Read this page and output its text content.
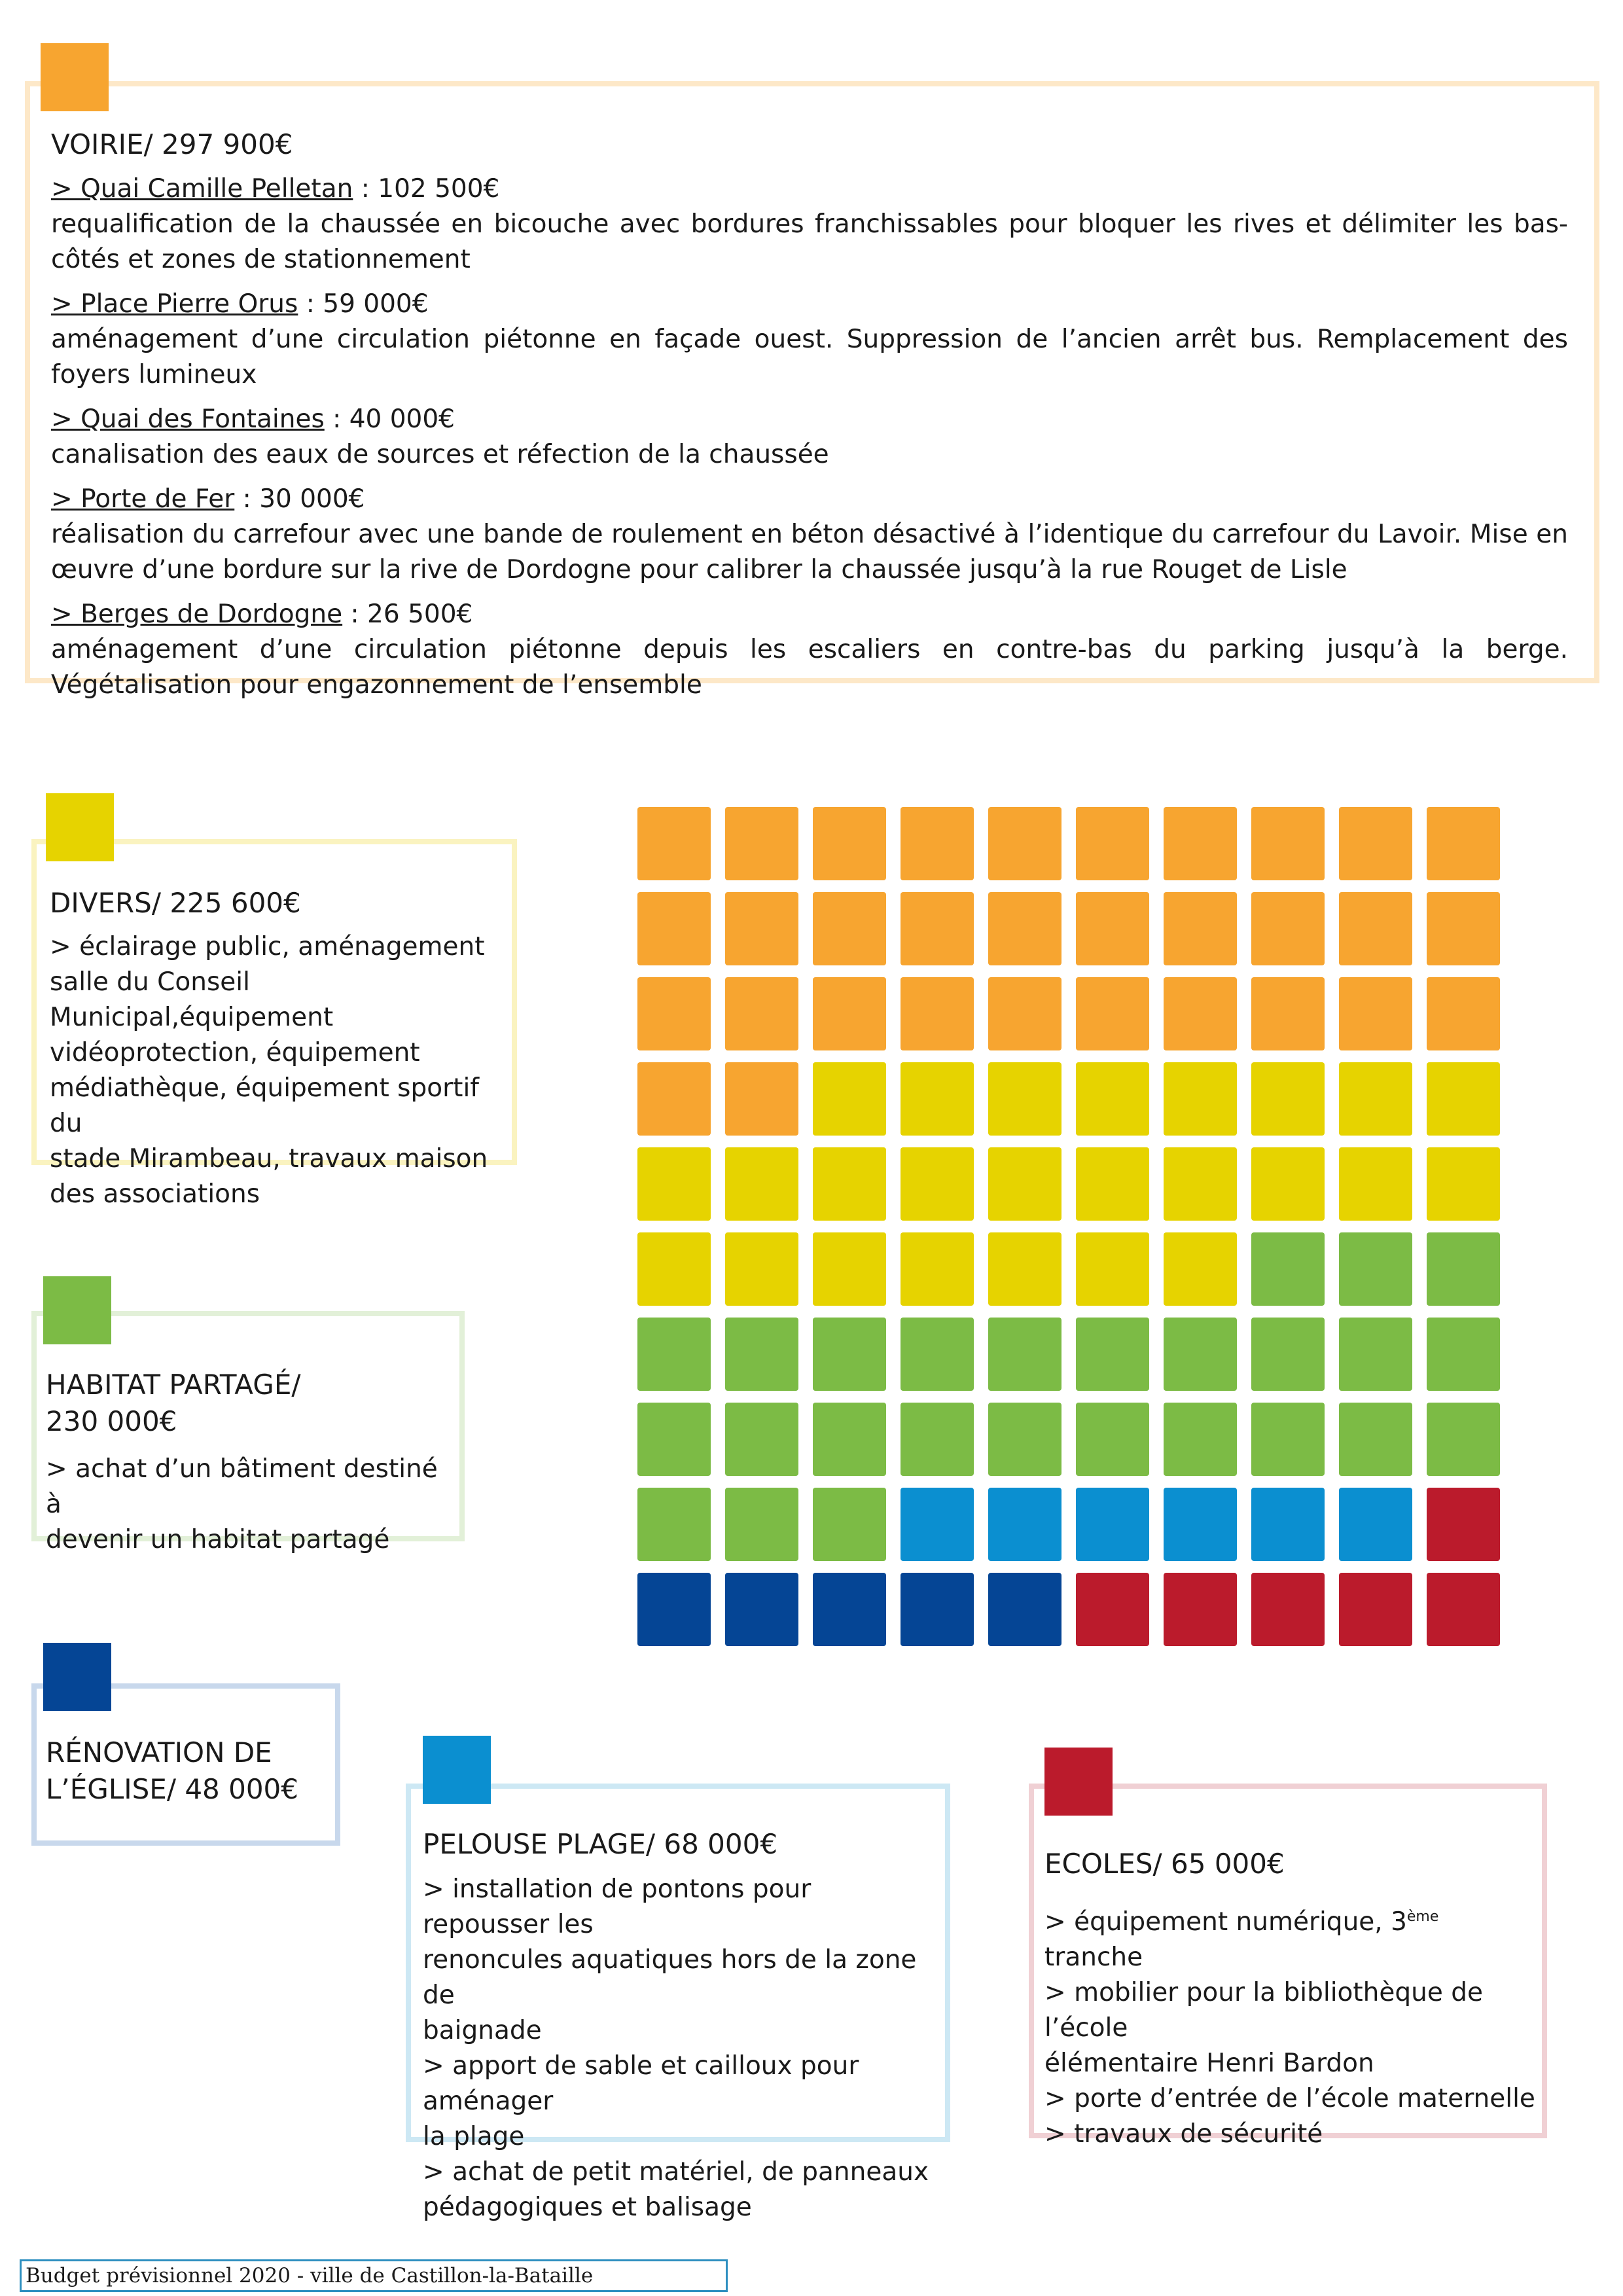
VOIRIE/ 297 900€
> Quai Camille Pelletan : 102 500€

requalification de la chaussée en bicouche avec bordures franchissables pour bloquer les rives et délimiter les bas-côtés et zones de stationnement

> Place Pierre Orus : 59 000€

aménagement d’une circulation piétonne en façade ouest. Suppression de l’ancien arrêt bus. Remplacement des foyers lumineux

> Quai des Fontaines : 40 000€

canalisation des eaux de sources et réfection de la chaussée

> Porte de Fer : 30 000€

réalisation du carrefour avec une bande de roulement en béton désactivé à l’identique du carrefour du Lavoir. Mise en œuvre d’une bordure sur la rive de Dordogne pour calibrer la chaussée jusqu’à la rue Rouget de Lisle

> Berges de Dordogne : 26 500€

aménagement d’une circulation piétonne depuis les escaliers en contre-bas du parking jusqu’à la berge. Végétalisation pour engazonnement de l’ensemble

DIVERS/ 225 600€

> éclairage public, aménagement

salle du Conseil Municipal,équipement

vidéoprotection, équipement

médiathèque, équipement sportif du

stade Mirambeau, travaux maison

des associations

HABITAT PARTAGÉ/
230 000€

> achat d’un bâtiment destiné à

devenir un habitat partagé

RÉNOVATION DE
L’ÉGLISE/ 48 000€
PELOUSE PLAGE/ 68 000€

> installation de pontons pour repousser les

renoncules aquatiques hors de la zone de

baignade

> apport de sable et cailloux pour aménager

la plage

> achat de petit matériel, de panneaux

pédagogiques et balisage

ECOLES/ 65 000€

> équipement numérique, 3ème tranche

> mobilier pour la bibliothèque de l’école

élémentaire Henri Bardon

> porte d’entrée de l’école maternelle

> travaux de sécurité

Budget prévisionnel 2020 - ville de Castillon-la-Bataille
